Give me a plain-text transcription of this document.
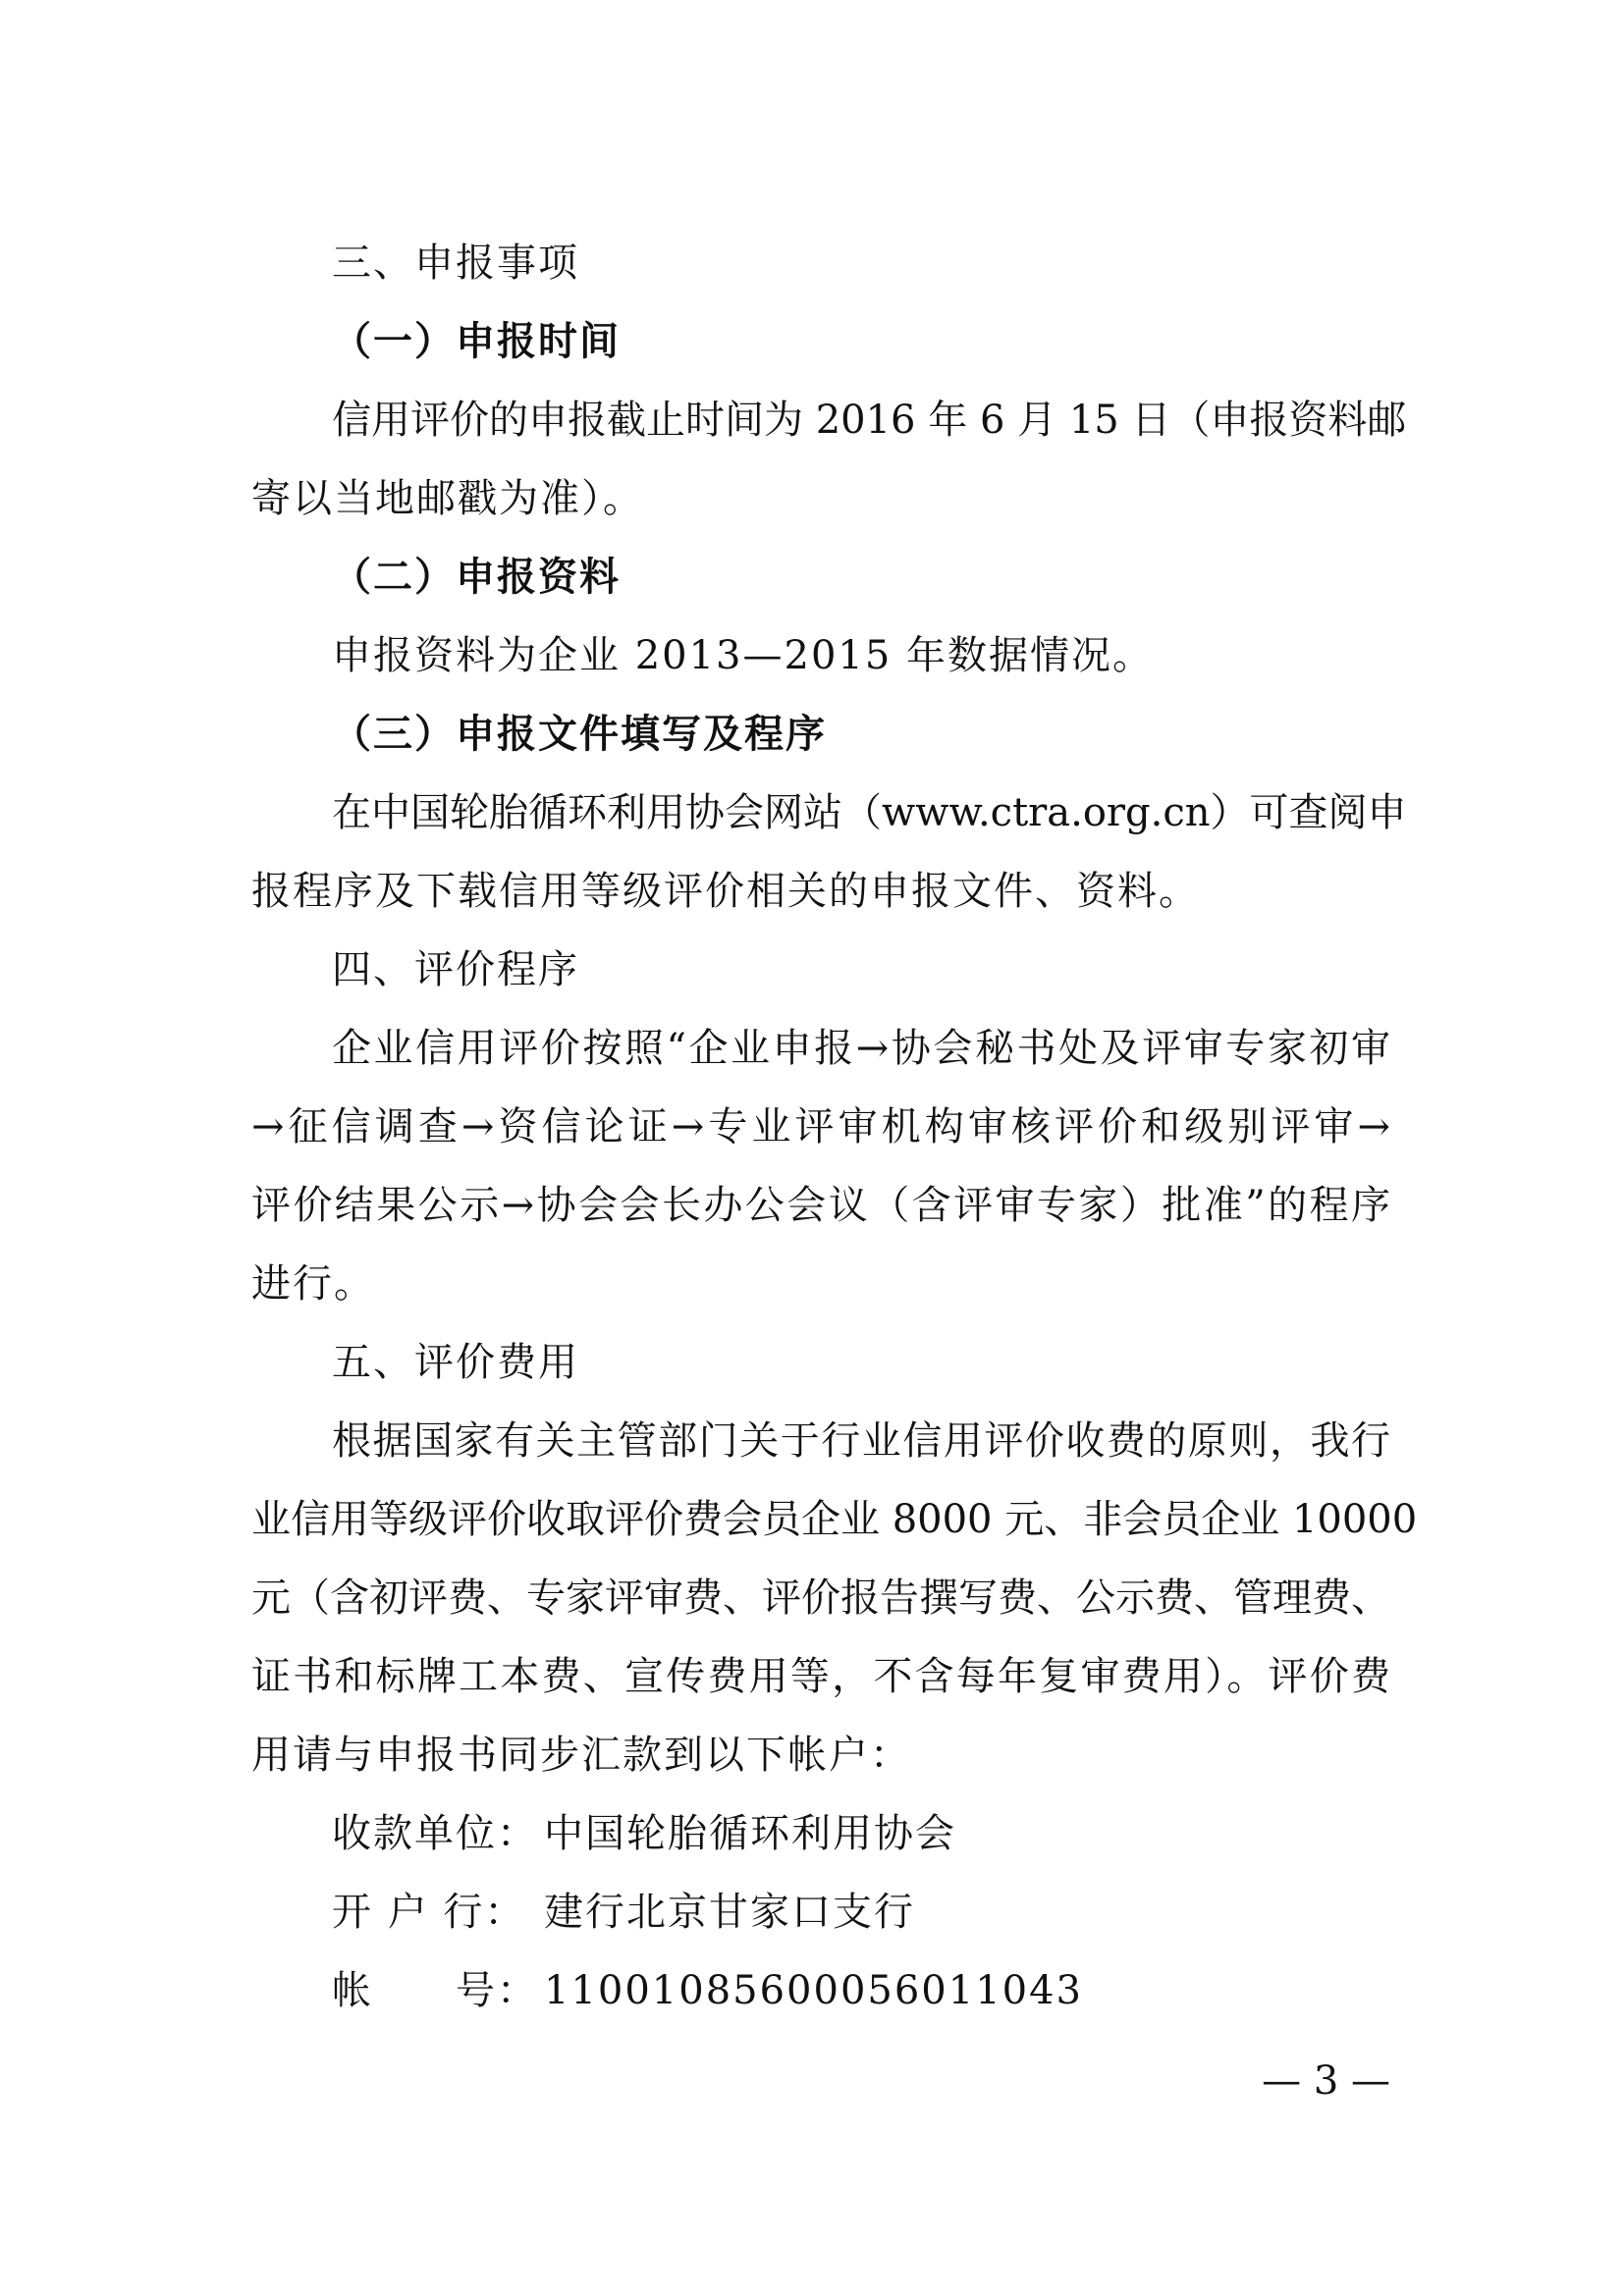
三、申报事项
（一）申报时间
信用评价的申报截止时间为 2016 年 6 月 15 日（申报资料邮
寄以当地邮戳为准）。
（二）申报资料
申报资料为企业 2013—2015 年数据情况。
（三）申报文件填写及程序
在中国轮胎循环利用协会网站（www.ctra.org.cn）可查阅申
报程序及下载信用等级评价相关的申报文件、资料。
四、评价程序
企业信用评价按照“企业申报→协会秘书处及评审专家初审
→征信调查→资信论证→专业评审机构审核评价和级别评审→
评价结果公示→协会会长办公会议（含评审专家）批准”的程序
进行。
五、评价费用
根据国家有关主管部门关于行业信用评价收费的原则，我行
业信用等级评价收取评价费会员企业 8000 元、非会员企业 10000
元（含初评费、专家评审费、评价报告撰写费、公示费、管理费、
证书和标牌工本费、宣传费用等，不含每年复审费用）。评价费
用请与申报书同步汇款到以下帐户：
收款单位： 中国轮胎循环利用协会
开 户 行： 建行北京甘家口支行
帐　　号： 11001085600056011043
— 3 —
